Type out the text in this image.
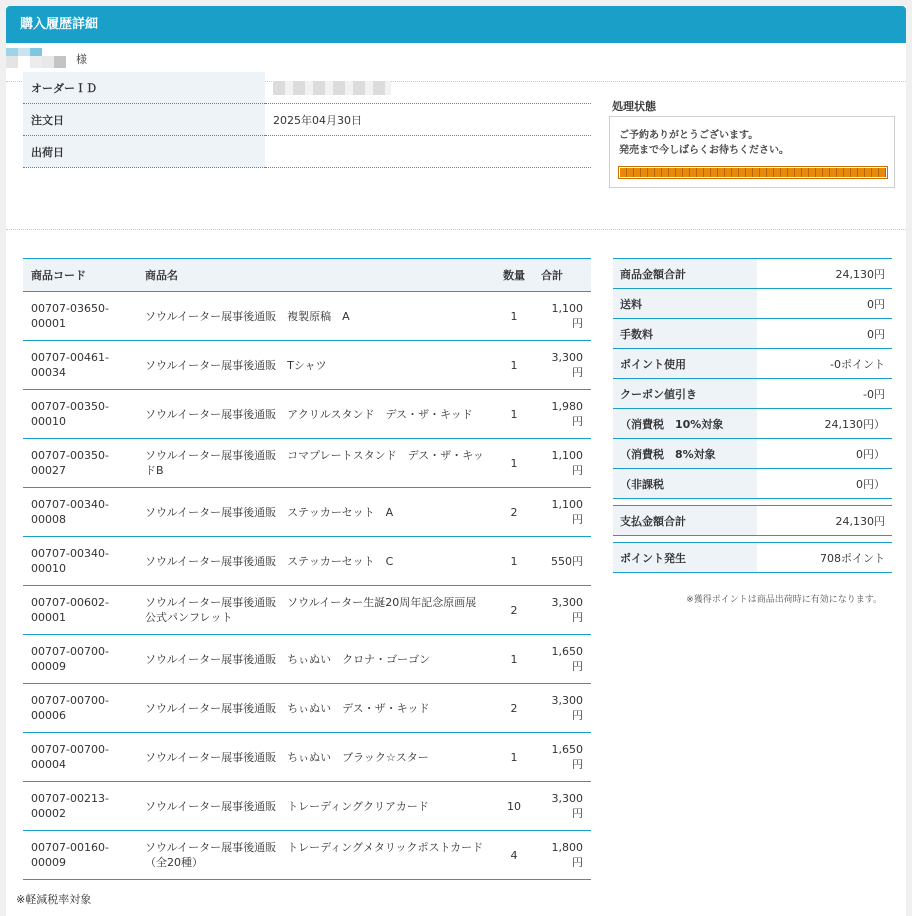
購入履歴詳細
様
オーダーＩＤ	
注文日	2025年04月30日
出荷日	
処理状態
ご予約ありがとうございます。
発売まで今しばらくお待ちください。
商品コード	商品名	数量	合計
00707-03650-00001	ソウルイーター展事後通販　複製原稿　A	1	1,100円
00707-00461-00034	ソウルイーター展事後通販　Tシャツ	1	3,300円
00707-00350-00010	ソウルイーター展事後通販　アクリルスタンド　デス・ザ・キッド	1	1,980円
00707-00350-00027	ソウルイーター展事後通販　コマプレートスタンド　デス・ザ・キッドB	1	1,100円
00707-00340-00008	ソウルイーター展事後通販　ステッカーセット　A	2	1,100円
00707-00340-00010	ソウルイーター展事後通販　ステッカーセット　C	1	550円
00707-00602-00001	ソウルイーター展事後通販　ソウルイーター生誕20周年記念原画展公式パンフレット	2	3,300円
00707-00700-00009	ソウルイーター展事後通販　ちぃぬい　クロナ・ゴーゴン	1	1,650円
00707-00700-00006	ソウルイーター展事後通販　ちぃぬい　デス・ザ・キッド	2	3,300円
00707-00700-00004	ソウルイーター展事後通販　ちぃぬい　ブラック☆スター	1	1,650円
00707-00213-00002	ソウルイーター展事後通販　トレーディングクリアカード	10	3,300円
00707-00160-00009	ソウルイーター展事後通販　トレーディングメタリックポストカード（全20種）	4	1,800円
※軽減税率対象
商品金額合計	24,130円
送料	0円
手数料	0円
ポイント使用	-0ポイント
クーポン値引き	-0円
（消費税　10%対象	24,130円）
（消費税　8%対象	0円）
（非課税	0円）

支払金額合計	24,130円

ポイント発生	708ポイント
※獲得ポイントは商品出荷時に有効になります。
